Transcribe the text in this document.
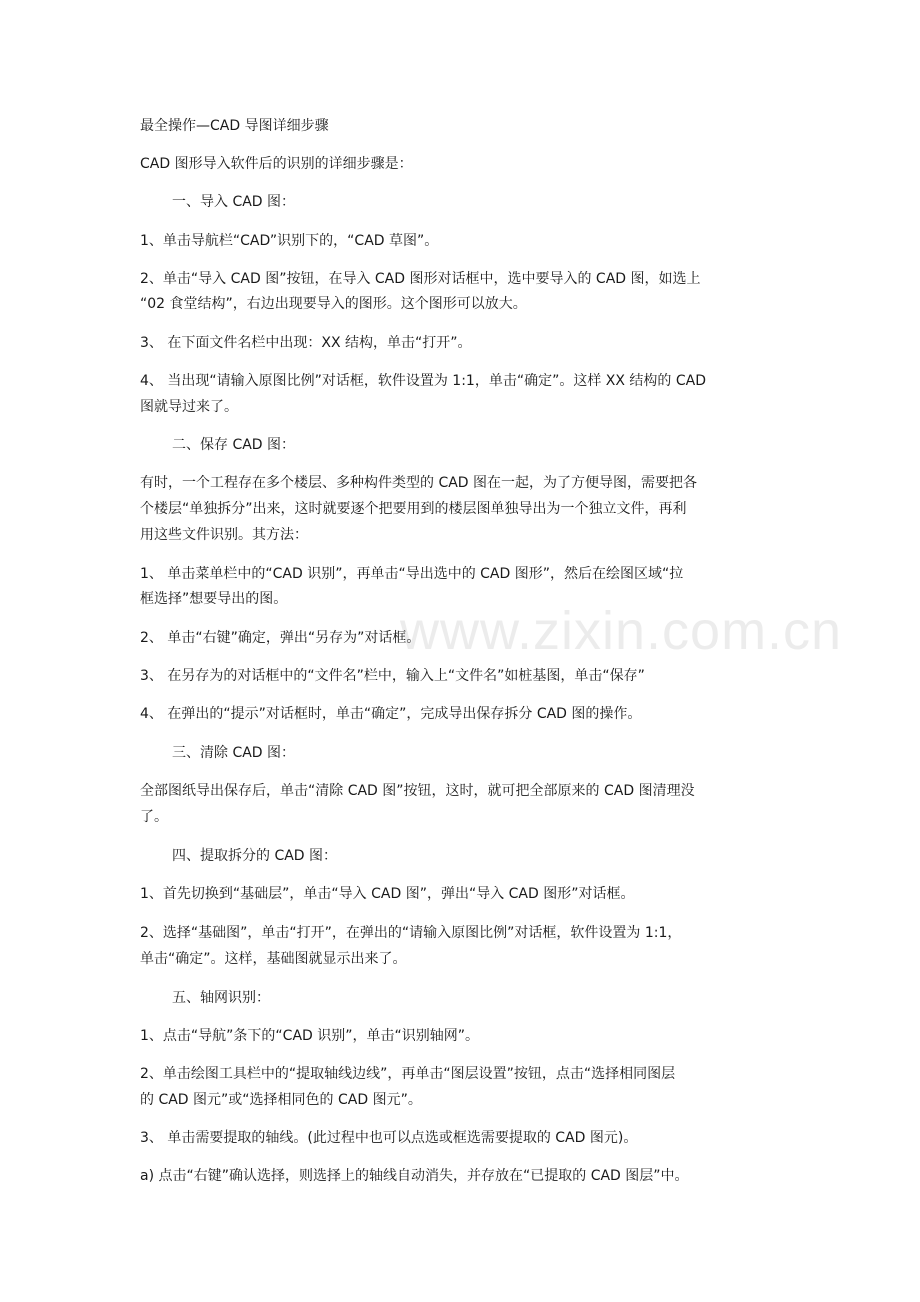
www.zixin.com.cn
最全操作—CAD 导图详细步骤
CAD 图形导入软件后的识别的详细步骤是：
一、导入 CAD 图：
1、单击导航栏“CAD”识别下的，“CAD 草图”。
2、单击“导入 CAD 图”按钮，在导入 CAD 图形对话框中，选中要导入的 CAD 图，如选上
“02 食堂结构”，右边出现要导入的图形。这个图形可以放大。
3、 在下面文件名栏中出现：XX 结构，单击“打开”。
4、 当出现“请输入原图比例”对话框，软件设置为 1:1，单击“确定”。这样 XX 结构的 CAD
图就导过来了。
二、保存 CAD 图：
有时，一个工程存在多个楼层、多种构件类型的 CAD 图在一起，为了方便导图，需要把各
个楼层“单独拆分”出来，这时就要逐个把要用到的楼层图单独导出为一个独立文件，再利
用这些文件识别。其方法：
1、 单击菜单栏中的“CAD 识别”，再单击“导出选中的 CAD 图形”，然后在绘图区域“拉
框选择”想要导出的图。
2、 单击“右键”确定，弹出“另存为”对话框。
3、 在另存为的对话框中的“文件名”栏中，输入上“文件名”如桩基图，单击“保存”
4、 在弹出的“提示”对话框时，单击“确定”，完成导出保存拆分 CAD 图的操作。
三、清除 CAD 图：
全部图纸导出保存后，单击“清除 CAD 图”按钮，这时，就可把全部原来的 CAD 图清理没
了。
四、提取拆分的 CAD 图：
1、首先切换到“基础层”，单击“导入 CAD 图”，弹出“导入 CAD 图形”对话框。
2、选择“基础图”，单击“打开”，在弹出的“请输入原图比例”对话框，软件设置为 1:1，
单击“确定”。这样，基础图就显示出来了。
五、轴网识别：
1、点击“导航”条下的“CAD 识别”，单击“识别轴网”。
2、单击绘图工具栏中的“提取轴线边线”，再单击“图层设置”按钮，点击“选择相同图层
的 CAD 图元”或“选择相同色的 CAD 图元”。
3、 单击需要提取的轴线。(此过程中也可以点选或框选需要提取的 CAD 图元)。
a) 点击“右键”确认选择，则选择上的轴线自动消失，并存放在“已提取的 CAD 图层”中。
